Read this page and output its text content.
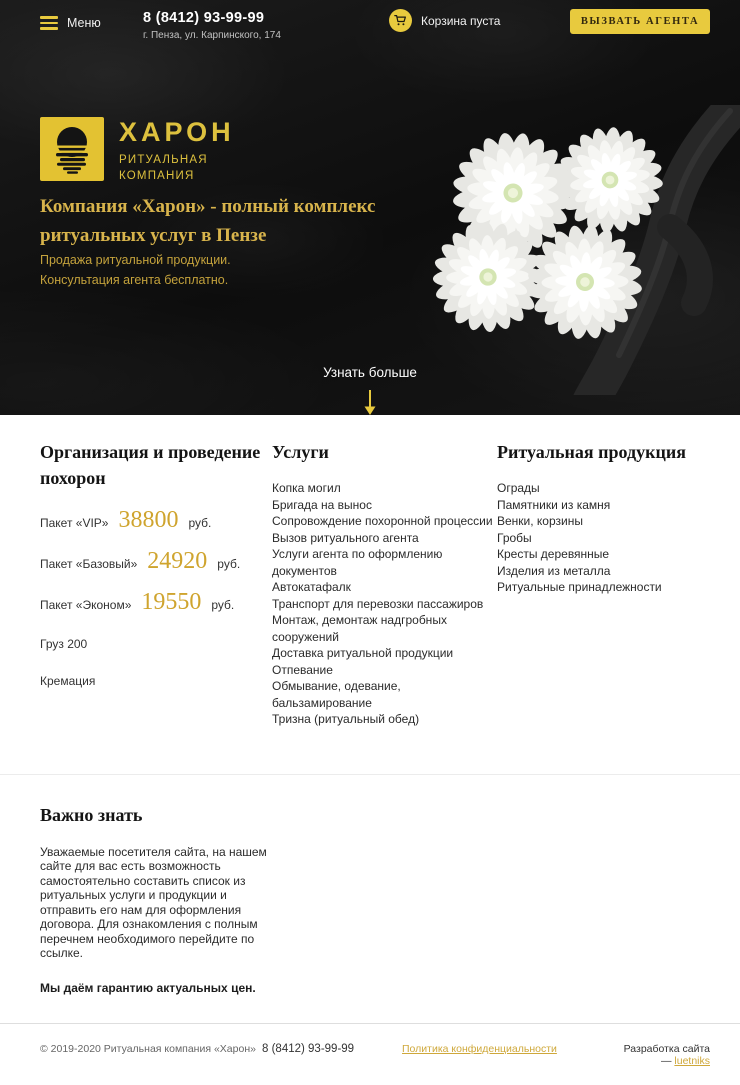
Меню	8 (8412) 93-99-99
г. Пенза, ул. Карпинского, 174
Корзина пуста	ВЫЗВАТЬ АГЕНТА
ХАРОН
РИТУАЛЬНАЯ
КОМПАНИЯ
Компания «Харон» - полный комплекс ритуальных услуг в Пензе
Продажа ритуальной продукции.
Консультация агента бесплатно.
Узнать больше
Организация и проведение похорон
Пакет «VIP» 38800 руб.
Пакет «Базовый» 24920 руб.
Пакет «Эконом» 19550 руб.
Груз 200
Кремация
Услуги
Копка могил
Бригада на вынос
Сопровождение похоронной процессии
Вызов ритуального агента
Услуги агента по оформлению документов
Автокатафалк
Транспорт для перевозки пассажиров
Монтаж, демонтаж надгробных сооружений
Доставка ритуальной продукции
Отпевание
Обмывание, одевание, бальзамирование
Тризна (ритуальный обед)
Ритуальная продукция
Ограды
Памятники из камня
Венки, корзины
Гробы
Кресты деревянные
Изделия из металла
Ритуальные принадлежности
Важно знать

Уважаемые посетителя сайта, на нашем сайте для вас есть возможность самостоятельно составить список из ритуальных услуги и продукции и отправить его нам для оформления договора. Для ознакомления с полным перечнем необходимого перейдите по ссылке.

Мы даём гарантию актуальных цен.
© 2019-2020 Ритуальная компания «Харон» 8 (8412) 93-99-99	Политика конфиденциальности	Разработка сайта — luetniks
